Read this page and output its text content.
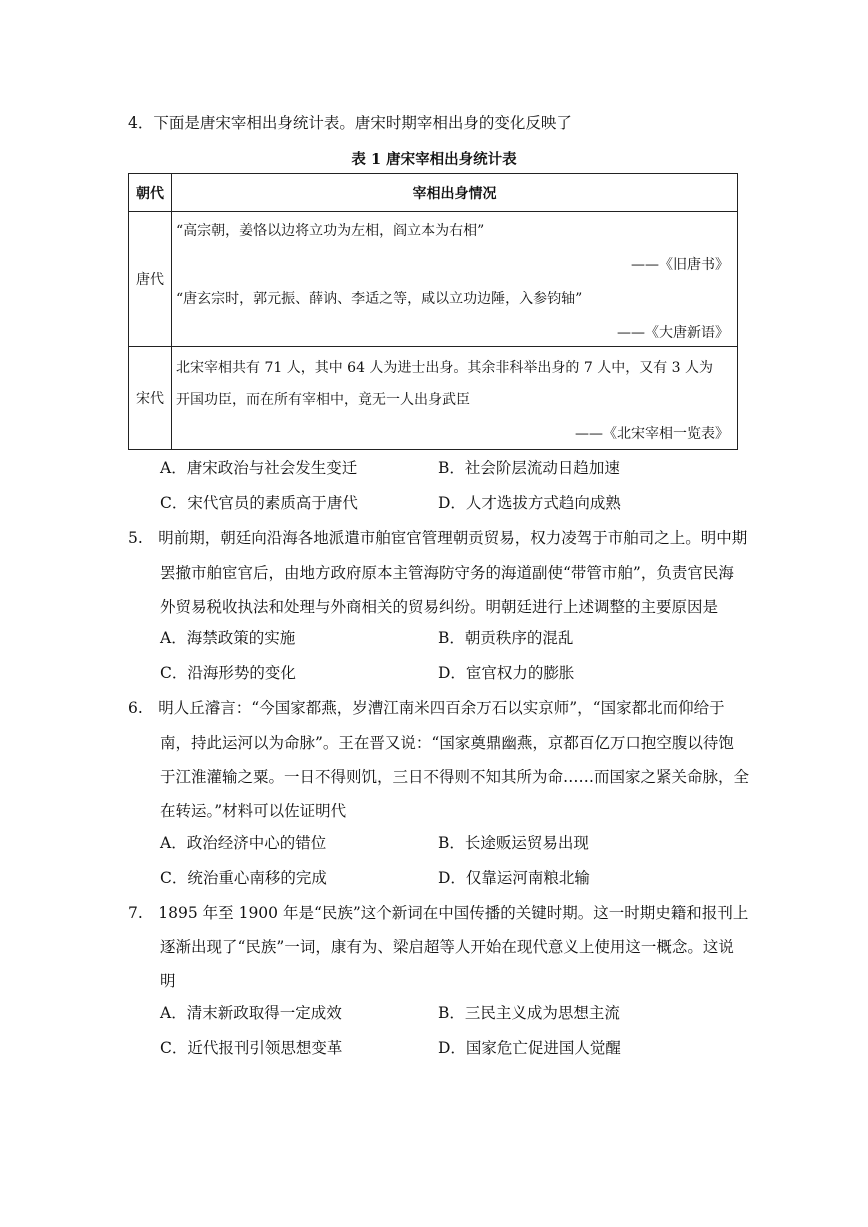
4．下面是唐宋宰相出身统计表。唐宋时期宰相出身的变化反映了
表 1 唐宋宰相出身统计表
朝代	宰相出身情况
唐代	“高宗朝，姜恪以边将立功为左相，阎立本为右相”
——《旧唐书》
“唐玄宗时，郭元振、薛讷、李适之等，咸以立功边陲，入参钧轴”
——《大唐新语》

宋代	北宋宰相共有 71 人，其中 64 人为进士出身。其余非科举出身的 7 人中，又有 3 人为
开国功臣，而在所有宰相中，竟无一人出身武臣
——《北宋宰相一览表》
A．唐宋政治与社会发生变迁	B．社会阶层流动日趋加速
C．宋代官员的素质高于唐代	D．人才选拔方式趋向成熟
5.　明前期，朝廷向沿海各地派遣市舶宦官管理朝贡贸易，权力凌驾于市舶司之上。明中期
罢撤市舶宦官后，由地方政府原本主管海防守务的海道副使“带管市舶”，负责官民海
外贸易税收执法和处理与外商相关的贸易纠纷。明朝廷进行上述调整的主要原因是
A．海禁政策的实施	B．朝贡秩序的混乱
C．沿海形势的变化	D．宦官权力的膨胀
6.　明人丘濬言：“今国家都燕，岁漕江南米四百余万石以实京师”，“国家都北而仰给于
南，持此运河以为命脉”。王在晋又说：“国家奠鼎幽燕，京都百亿万口抱空腹以待饱
于江淮灌输之粟。一日不得则饥，三日不得则不知其所为命……而国家之紧关命脉，全
在转运。”材料可以佐证明代
A．政治经济中心的错位	B．长途贩运贸易出现
C．统治重心南移的完成	D．仅靠运河南粮北输
7.　1895 年至 1900 年是“民族”这个新词在中国传播的关键时期。这一时期史籍和报刊上
逐渐出现了“民族”一词，康有为、梁启超等人开始在现代意义上使用这一概念。这说
明
A．清末新政取得一定成效	B．三民主义成为思想主流
C．近代报刊引领思想变革	D．国家危亡促进国人觉醒
